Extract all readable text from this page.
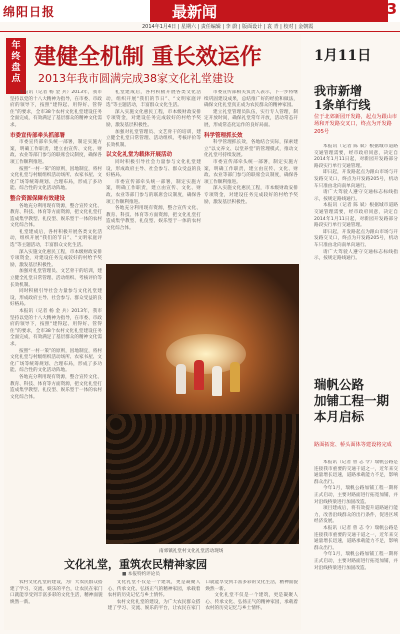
绵阳日报	最新闻
2014年1月4日 | 星期六 | 责任编辑 | 李 蔚 | 版面设计 | 袁 青 | 校对 | 金朝霞
3
年
终
盘
点
建健全机制 重长效运作
2013年我市圆满完成38家文化礼堂建设

本报讯（记者 杨 金 兵）2013年，我市坚持以党的十八大精神为指导，在市委、市政府的领导下，按照“建得起、用得好、管得住”的要求，全市38个农村文化礼堂建设任务全面完成，有效满足了基层群众的精神文化需求。

市委宣传部牵头抓部署

市委宣传部牵头统一部署，制定实施方案，明确工作职责，建立由宣传、文化、财政、农业等部门参与的联席会议制度，确保各项工作顺利推进。

按照“一村一策”的原则，因地制宜，将村文化礼堂与村级组织活动场所、农家书屋、文化广场等统筹规划、合理布局，形成了多功能、综合性的文化活动阵地。

整合资源保障有效建设

各地充分利用现有资源，整合宣传文化、教育、科技、体育等方面资源，把文化礼堂打造成集学教型、礼仪型、娱乐型于一体的农村文化综合体。

礼堂建成后，各村积极开展各类文化活动，组织开展“我们的节日”、“文明家庭评选”等主题活动，丰富群众文化生活。

深入实施文化惠民工程，市本级财政安排专项资金，对建设任务完成较好的村给予奖励，激发基层积极性。

加强对礼堂管理员、文艺骨干的培训，建立健全礼堂日常管理、活动组织、考核评价等长效机制。

同时积极引导社会力量参与文化礼堂建设，形成政府主导、社会参与、群众受益的良好格局。

本报讯（记者 杨 金 兵）2013年，我市坚持以党的十八大精神为指导，在市委、市政府的领导下，按照“建得起、用得好、管得住”的要求，全市38个农村文化礼堂建设任务全面完成，有效满足了基层群众的精神文化需求。

按照“一村一策”的原则，因地制宜，将村文化礼堂与村级组织活动场所、农家书屋、文化广场等统筹规划、合理布局，形成了多功能、综合性的文化活动阵地。

各地充分利用现有资源，整合宣传文化、教育、科技、体育等方面资源，把文化礼堂打造成集学教型、礼仪型、娱乐型于一体的农村文化综合体。

礼堂建成后，各村积极开展各类文化活动，组织开展“我们的节日”、“文明家庭评选”等主题活动，丰富群众文化生活。

深入实施文化惠民工程，市本级财政安排专项资金，对建设任务完成较好的村给予奖励，激发基层积极性。

加强对礼堂管理员、文艺骨干的培训，建立健全礼堂日常管理、活动组织、考核评价等长效机制。

以文化礼堂为载体开展活动

同时积极引导社会力量参与文化礼堂建设，形成政府主导、社会参与、群众受益的良好格局。

市委宣传部牵头统一部署，制定实施方案，明确工作职责，建立由宣传、文化、财政、农业等部门参与的联席会议制度，确保各项工作顺利推进。

各地充分利用现有资源，整合宣传文化、教育、科技、体育等方面资源，把文化礼堂打造成集学教型、礼仪型、娱乐型于一体的农村文化综合体。

市委宣传部相关负责人表示，下一步将继续巩固建设成果，总结推广好的经验和做法，确保文化礼堂真正成为农民群众的精神家园。

建立礼堂管理员队伍，实行专人管理，制定开放时间，确保礼堂常年开放，活动常态开展，形成常态化运作的良好局面。

科学管理抓长效

科学管理抓长效，各地结合实际，探索建立“以文养文、以堂养堂”的管理模式，推动文化礼堂可持续发展。

市委宣传部牵头统一部署，制定实施方案，明确工作职责，建立由宣传、文化、财政、农业等部门参与的联席会议制度，确保各项工作顺利推进。

深入实施文化惠民工程，市本级财政安排专项资金，对建设任务完成较好的村给予奖励，激发基层积极性。

南郊镇礼堂村文化礼堂活动现场
文化礼堂，重筑农民精神家园
■ 本报特约评论员

农村文化礼堂的建设，为广大农民群众搭建了学习、交流、娱乐的平台，让农民在家门口就能享受到丰富多彩的文化生活，精神面貌焕然一新。

文化礼堂不仅是一个建筑，更是凝聚人心、传承文化、弘扬正气的精神家园，承载着农村的历史记忆与乡土情怀。

农村文化礼堂的建设，为广大农民群众搭建了学习、交流、娱乐的平台，让农民在家门口就能享受到丰富多彩的文化生活，精神面貌焕然一新。

文化礼堂不仅是一个建筑，更是凝聚人心、传承文化、弘扬正气的精神家园，承载着农村的历史记忆与乡土情怀。

1月11日
我市新增
1条单行线
位于北郊新园开发路，起点为跟山市场和开发路交叉口，终点为开发路205号

本报讯（记者 陈 斌）根据城市道路交通管理需要，经市政府同意，决定自2014年1月11日起，对新园开发路部分路段实行单行交通管理。

即日起，开发路起点为跟山市场与开发路交叉口，终点为开发路205号，机动车只准由北向南单向通行。

请广大驾驶人遵守交通标志标线指示，按规定路线通行。

本报讯（记者 陈 斌）根据城市道路交通管理需要，经市政府同意，决定自2014年1月11日起，对新园开发路部分路段实行单行交通管理。

即日起，开发路起点为跟山市场与开发路交叉口，终点为开发路205号，机动车只准由北向南单向通行。

请广大驾驶人遵守交通标志标线指示，按规定路线通行。

瑞帆公路
加铺工程一期
本月启标
路面拓宽、桥头面体等建设将完成

本报讯（记者 曾 志 令）瑞帆公路是连接我市重要的交通干道之一，近年来交通量增长迅速，道路承载能力不足，影响群众出行。

今年1月，瑞帆公路加铺工程一期将正式启动，主要对路面进行拓宽加铺，并对沿线桥梁进行加固改造。

项目建成后，将有效提升道路通行能力，改善沿线群众的出行条件，促进区域经济发展。

本报讯（记者 曾 志 令）瑞帆公路是连接我市重要的交通干道之一，近年来交通量增长迅速，道路承载能力不足，影响群众出行。

今年1月，瑞帆公路加铺工程一期将正式启动，主要对路面进行拓宽加铺，并对沿线桥梁进行加固改造。
